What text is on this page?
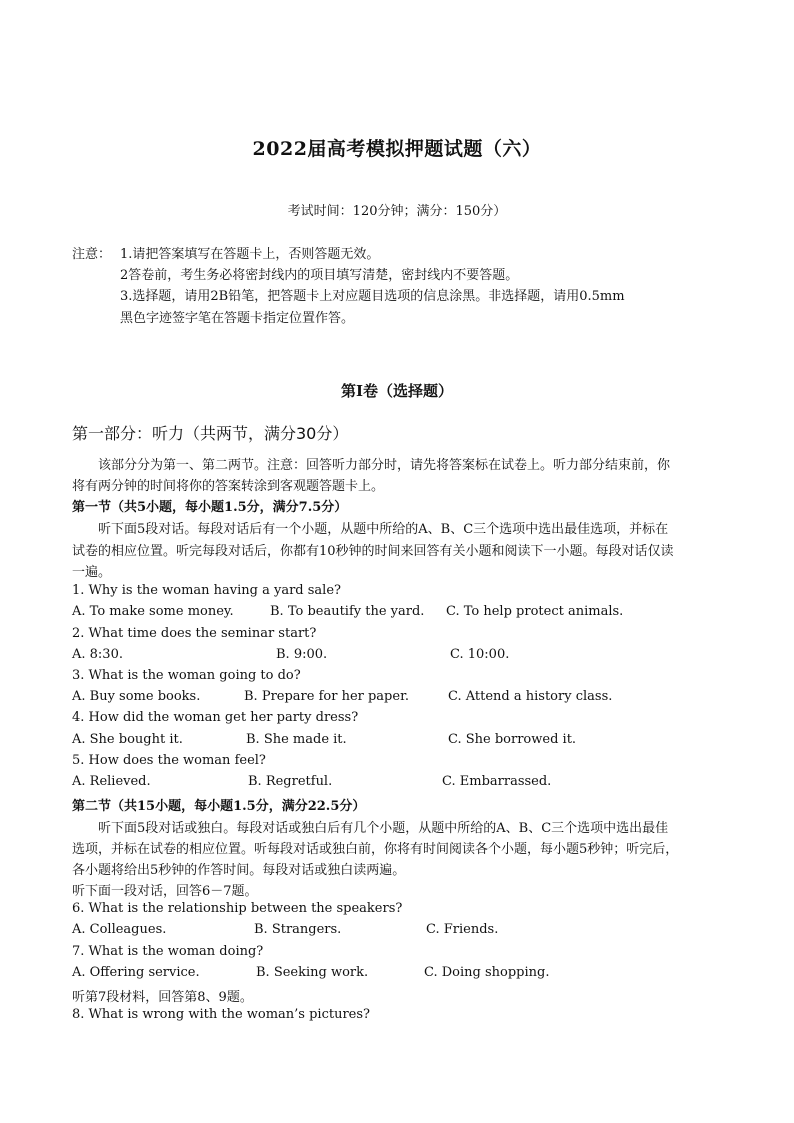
2022届高考模拟押题试题（六）
考试时间：120分钟；满分：150分）
注意： 1.请把答案填写在答题卡上，否则答题无效。
2答卷前，考生务必将密封线内的项目填写清楚，密封线内不要答题。
3.选择题，请用2B铅笔，把答题卡上对应题目选项的信息涂黑。非选择题，请用0.5mm
黑色字迹签字笔在答题卡指定位置作答。
第I卷（选择题）
第一部分：听力（共两节，满分30分）
该部分分为第一、第二两节。注意：回答听力部分时，请先将答案标在试卷上。听力部分结束前，你
将有两分钟的时间将你的答案转涂到客观题答题卡上。
第一节（共5小题，每小题1.5分，满分7.5分）
听下面5段对话。每段对话后有一个小题，从题中所给的A、B、C三个选项中选出最佳选项，并标在
试卷的相应位置。听完每段对话后，你都有10秒钟的时间来回答有关小题和阅读下一小题。每段对话仅读
一遍。
1. Why is the woman having a yard sale?
A. To make some money.	B. To beautify the yard. C. To help protect animals.
2. What time does the seminar start?
A. 8:30.	B. 9:00.	C. 10:00.
3. What is the woman going to do?
A. Buy some books.	B. Prepare for her paper.	C. Attend a history class.
4. How did the woman get her party dress?
A. She bought it.	B. She made it.	C. She borrowed it.
5. How does the woman feel?
A. Relieved.	B. Regretful.	C. Embarrassed.
第二节（共15小题，每小题1.5分，满分22.5分）
听下面5段对话或独白。每段对话或独白后有几个小题，从题中所给的A、B、C三个选项中选出最佳
选项，并标在试卷的相应位置。听每段对话或独白前，你将有时间阅读各个小题，每小题5秒钟；听完后，
各小题将给出5秒钟的作答时间。每段对话或独白读两遍。
听下面一段对话，回答6－7题。
6. What is the relationship between the speakers?
A. Colleagues.	B. Strangers.	C. Friends.
7. What is the woman doing?
A. Offering service.	B. Seeking work.	C. Doing shopping.
听第7段材料，回答第8、9题。
8. What is wrong with the woman’s pictures?
